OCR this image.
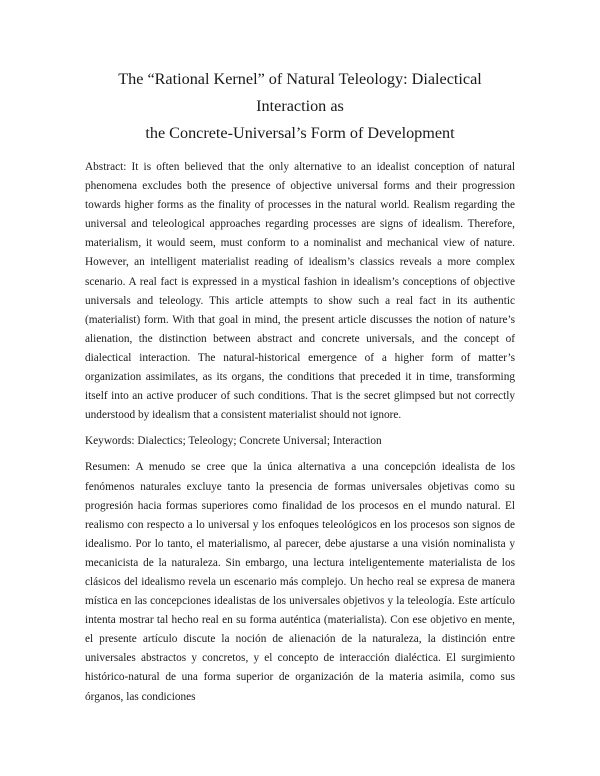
The “Rational Kernel” of Natural Teleology: Dialectical Interaction as
the Concrete-Universal’s Form of Development

Abstract: It is often believed that the only alternative to an idealist conception of natural phenomena excludes both the presence of objective universal forms and their progression towards higher forms as the finality of processes in the natural world. Realism regarding the universal and teleological approaches regarding processes are signs of idealism. Therefore, materialism, it would seem, must conform to a nominalist and mechanical view of nature. However, an intelligent materialist reading of idealism’s classics reveals a more complex scenario. A real fact is expressed in a mystical fashion in idealism’s conceptions of objective universals and teleology. This article attempts to show such a real fact in its authentic (materialist) form. With that goal in mind, the present article discusses the notion of nature’s alienation, the distinction between abstract and concrete universals, and the concept of dialectical interaction. The natural-historical emergence of a higher form of matter’s organization assimilates, as its organs, the conditions that preceded it in time, transforming itself into an active producer of such conditions. That is the secret glimpsed but not correctly understood by idealism that a consistent materialist should not ignore.

Keywords: Dialectics; Teleology; Concrete Universal; Interaction

Resumen: A menudo se cree que la única alternativa a una concepción idealista de los fenómenos naturales excluye tanto la presencia de formas universales objetivas como su progresión hacia formas superiores como finalidad de los procesos en el mundo natural. El realismo con respecto a lo universal y los enfoques teleológicos en los procesos son signos de idealismo. Por lo tanto, el materialismo, al parecer, debe ajustarse a una visión nominalista y mecanicista de la naturaleza. Sin embargo, una lectura inteligentemente materialista de los clásicos del idealismo revela un escenario más complejo. Un hecho real se expresa de manera mística en las concepciones idealistas de los universales objetivos y la teleología. Este artículo intenta mostrar tal hecho real en su forma auténtica (materialista). Con ese objetivo en mente, el presente artículo discute la noción de alienación de la naturaleza, la distinción entre universales abstractos y concretos, y el concepto de interacción dialéctica. El surgimiento histórico-natural de una forma superior de organización de la materia asimila, como sus órganos, las condiciones
